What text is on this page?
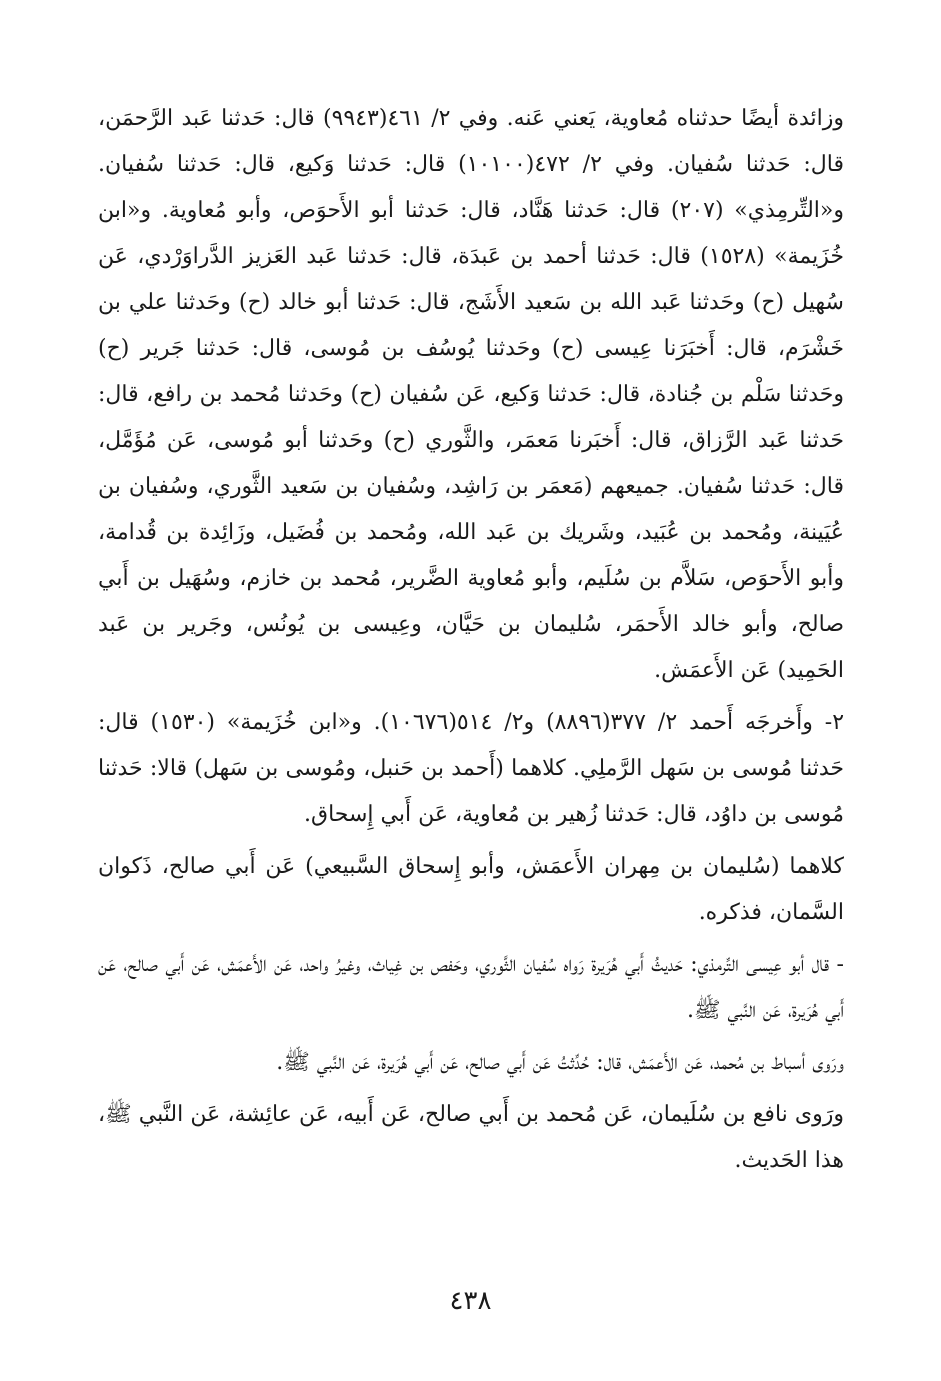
وزائدة أيضًا حدثناه مُعاوية، يَعني عَنه. وفي ٢/ ٤٦١(٩٩٤٣) قال: حَدثنا عَبد الرَّحمَن، قال: حَدثنا سُفيان. وفي ٢/ ٤٧٢(١٠١٠٠) قال: حَدثنا وَكيع، قال: حَدثنا سُفيان. و«التِّرمِذي» (٢٠٧) قال: حَدثنا هَنَّاد، قال: حَدثنا أبو الأَحوَص، وأبو مُعاوية. و«ابن خُزَيمة» (١٥٢٨) قال: حَدثنا أحمد بن عَبدَة، قال: حَدثنا عَبد العَزيز الدَّراوَرْدي، عَن سُهيل (ح) وحَدثنا عَبد الله بن سَعيد الأَشَج، قال: حَدثنا أبو خالد (ح) وحَدثنا علي بن خَشْرَم، قال: أَخبَرَنا عِيسى (ح) وحَدثنا يُوسُف بن مُوسى، قال: حَدثنا جَرير (ح) وحَدثنا سَلْم بن جُنادة، قال: حَدثنا وَكيع، عَن سُفيان (ح) وحَدثنا مُحمد بن رافع، قال: حَدثنا عَبد الرَّزاق، قال: أَخبَرنا مَعمَر، والثَّوري (ح) وحَدثنا أبو مُوسى، عَن مُؤَمَّل، قال: حَدثنا سُفيان. جميعهم (مَعمَر بن رَاشِد، وسُفيان بن سَعيد الثَّوري، وسُفيان بن عُيَينة، ومُحمد بن عُبَيد، وشَريك بن عَبد الله، ومُحمد بن فُضَيل، وزَائِدة بن قُدامة، وأبو الأَحوَص، سَلاَّم بن سُلَيم، وأبو مُعاوية الضَّرير، مُحمد بن خازم، وسُهَيل بن أَبي صالح، وأبو خالد الأَحمَر، سُليمان بن حَيَّان، وعِيسى بن يُونُس، وجَرير بن عَبد الحَمِيد) عَن الأَعمَش.

٢- وأَخرجَه أَحمد ٢/ ٣٧٧(٨٨٩٦) و٢/ ٥١٤(١٠٦٧٦). و«ابن خُزَيمة» (١٥٣٠) قال: حَدثنا مُوسى بن سَهل الرَّملِي. كلاهما (أَحمد بن حَنبل، ومُوسى بن سَهل) قالا: حَدثنا مُوسى بن داوُد، قال: حَدثنا زُهير بن مُعاوية، عَن أَبي إِسحاق.

كلاهما (سُليمان بن مِهران الأَعمَش، وأبو إِسحاق السَّبيعي) عَن أَبي صالح، ذَكوان السَّمان، فذكره.

- قال أبو عِيسى التِّرمذي: حَديثُ أَبي هُرَيرة رَواه سُفيان الثَّوري، وحَفص بن غِياث، وغيرُ واحد، عَن الأَعمَش، عَن أَبي صالح، عَن أَبي هُرَيرة، عَن النَّبي ﷺ.

ورَوى أسباط بن مُحمد، عَن الأَعمَش، قال: حُدِّثتُ عَن أَبي صالح، عَن أَبي هُرَيرة، عَن النَّبي ﷺ.

ورَوى نافع بن سُلَيمان، عَن مُحمد بن أَبي صالح، عَن أَبيه، عَن عائِشة، عَن النَّبي ﷺ، هذا الحَديث.

٤٣٨
